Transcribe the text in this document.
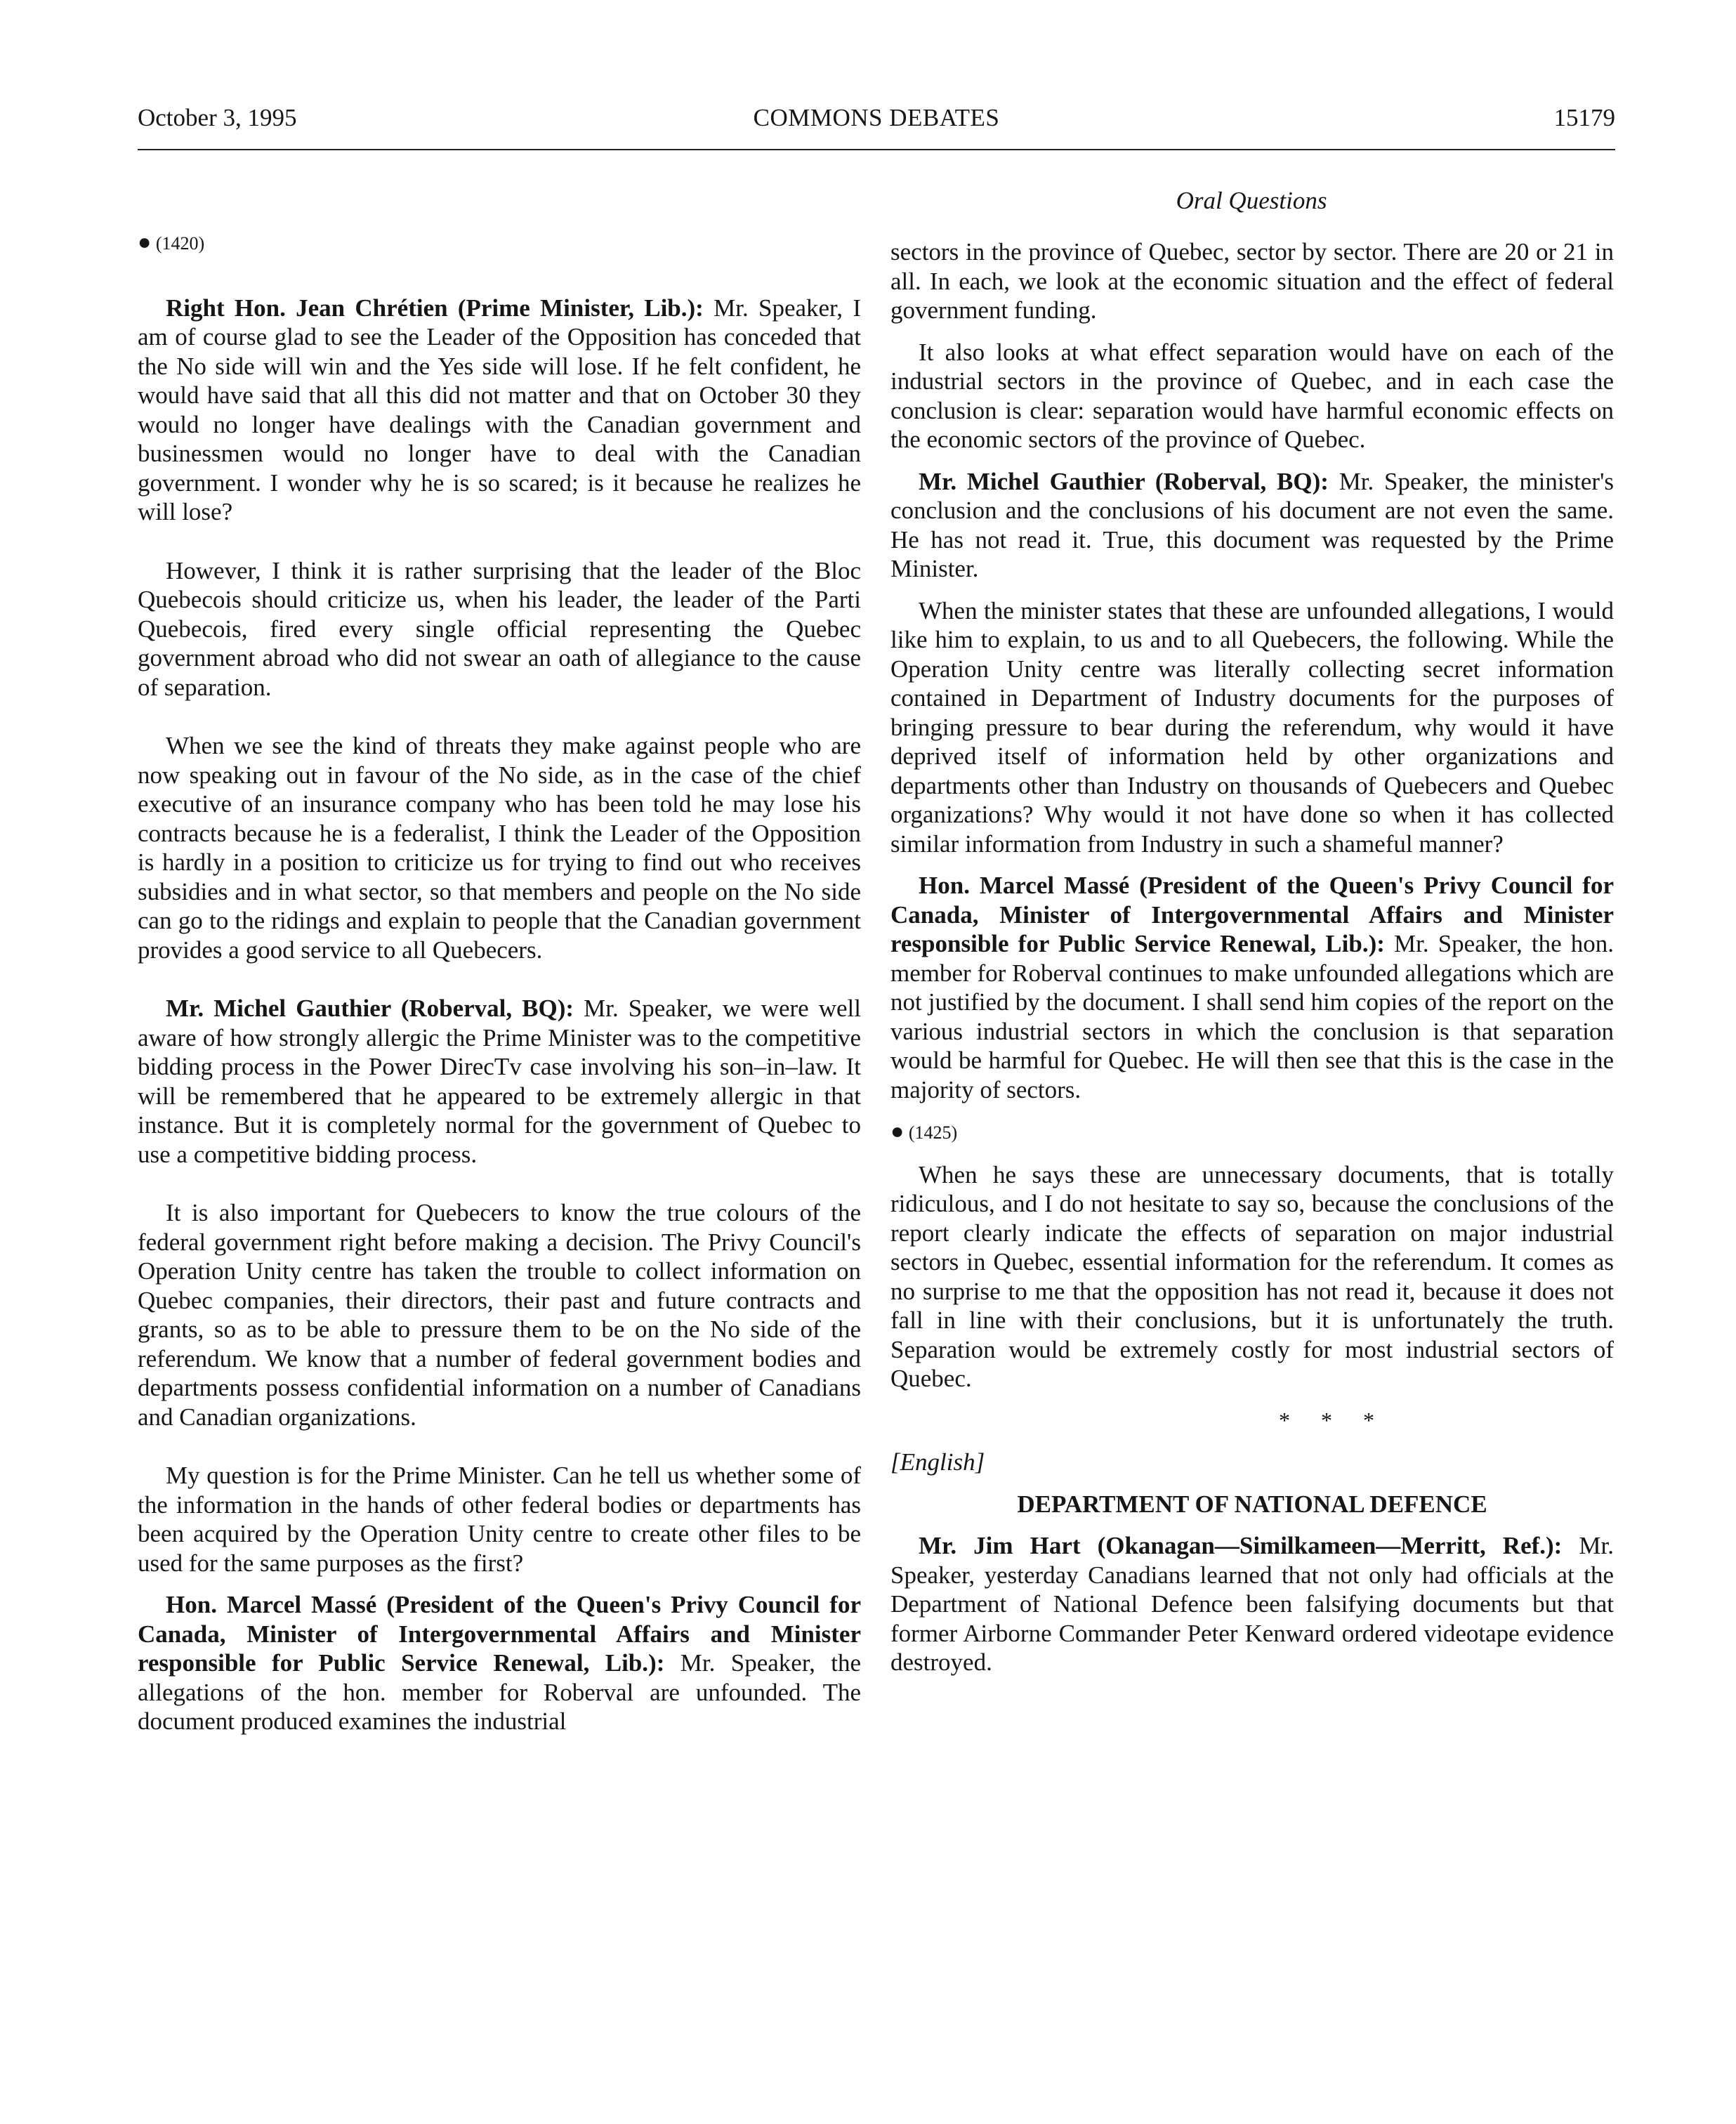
October 3, 1995	COMMONS DEBATES	15179
Oral Questions
● (1420)

Right Hon. Jean Chrétien (Prime Minister, Lib.): Mr. Speaker, I am of course glad to see the Leader of the Opposition has conceded that the No side will win and the Yes side will lose. If he felt confident, he would have said that all this did not matter and that on October 30 they would no longer have dealings with the Canadian government and businessmen would no longer have to deal with the Canadian government. I wonder why he is so scared; is it because he realizes he will lose?

However, I think it is rather surprising that the leader of the Bloc Quebecois should criticize us, when his leader, the leader of the Parti Quebecois, fired every single official representing the Quebec government abroad who did not swear an oath of allegiance to the cause of separation.

When we see the kind of threats they make against people who are now speaking out in favour of the No side, as in the case of the chief executive of an insurance company who has been told he may lose his contracts because he is a federalist, I think the Leader of the Opposition is hardly in a position to criticize us for trying to find out who receives subsidies and in what sector, so that members and people on the No side can go to the ridings and explain to people that the Canadian government provides a good service to all Quebecers.

Mr. Michel Gauthier (Roberval, BQ): Mr. Speaker, we were well aware of how strongly allergic the Prime Minister was to the competitive bidding process in the Power DirecTv case involving his son–in–law. It will be remembered that he appeared to be extremely allergic in that instance. But it is completely normal for the government of Quebec to use a competitive bidding process.

It is also important for Quebecers to know the true colours of the federal government right before making a decision. The Privy Council's Operation Unity centre has taken the trouble to collect information on Quebec companies, their directors, their past and future contracts and grants, so as to be able to pressure them to be on the No side of the referendum. We know that a number of federal government bodies and departments possess confidential information on a number of Canadians and Canadian organizations.

My question is for the Prime Minister. Can he tell us whether some of the information in the hands of other federal bodies or departments has been acquired by the Operation Unity centre to create other files to be used for the same purposes as the first?

Hon. Marcel Massé (President of the Queen's Privy Council for Canada, Minister of Intergovernmental Affairs and Minister responsible for Public Service Renewal, Lib.): Mr. Speaker, the allegations of the hon. member for Roberval are unfounded. The document produced examines the industrial

sectors in the province of Quebec, sector by sector. There are 20 or 21 in all. In each, we look at the economic situation and the effect of federal government funding.

It also looks at what effect separation would have on each of the industrial sectors in the province of Quebec, and in each case the conclusion is clear: separation would have harmful economic effects on the economic sectors of the province of Quebec.

Mr. Michel Gauthier (Roberval, BQ): Mr. Speaker, the minister's conclusion and the conclusions of his document are not even the same. He has not read it. True, this document was requested by the Prime Minister.

When the minister states that these are unfounded allegations, I would like him to explain, to us and to all Quebecers, the following. While the Operation Unity centre was literally collecting secret information contained in Department of Industry documents for the purposes of bringing pressure to bear during the referendum, why would it have deprived itself of information held by other organizations and departments other than Industry on thousands of Quebecers and Quebec organizations? Why would it not have done so when it has collected similar information from Industry in such a shameful manner?

Hon. Marcel Massé (President of the Queen's Privy Council for Canada, Minister of Intergovernmental Affairs and Minister responsible for Public Service Renewal, Lib.): Mr. Speaker, the hon. member for Roberval continues to make unfounded allegations which are not justified by the document. I shall send him copies of the report on the various industrial sectors in which the conclusion is that separation would be harmful for Quebec. He will then see that this is the case in the majority of sectors.

● (1425)

When he says these are unnecessary documents, that is totally ridiculous, and I do not hesitate to say so, because the conclusions of the report clearly indicate the effects of separation on major industrial sectors in Quebec, essential information for the referendum. It comes as no surprise to me that the opposition has not read it, because it does not fall in line with their conclusions, but it is unfortunately the truth. Separation would be extremely costly for most industrial sectors of Quebec.

* * *
[English]
DEPARTMENT OF NATIONAL DEFENCE

Mr. Jim Hart (Okanagan—Similkameen—Merritt, Ref.): Mr. Speaker, yesterday Canadians learned that not only had officials at the Department of National Defence been falsifying documents but that former Airborne Commander Peter Kenward ordered videotape evidence destroyed.
